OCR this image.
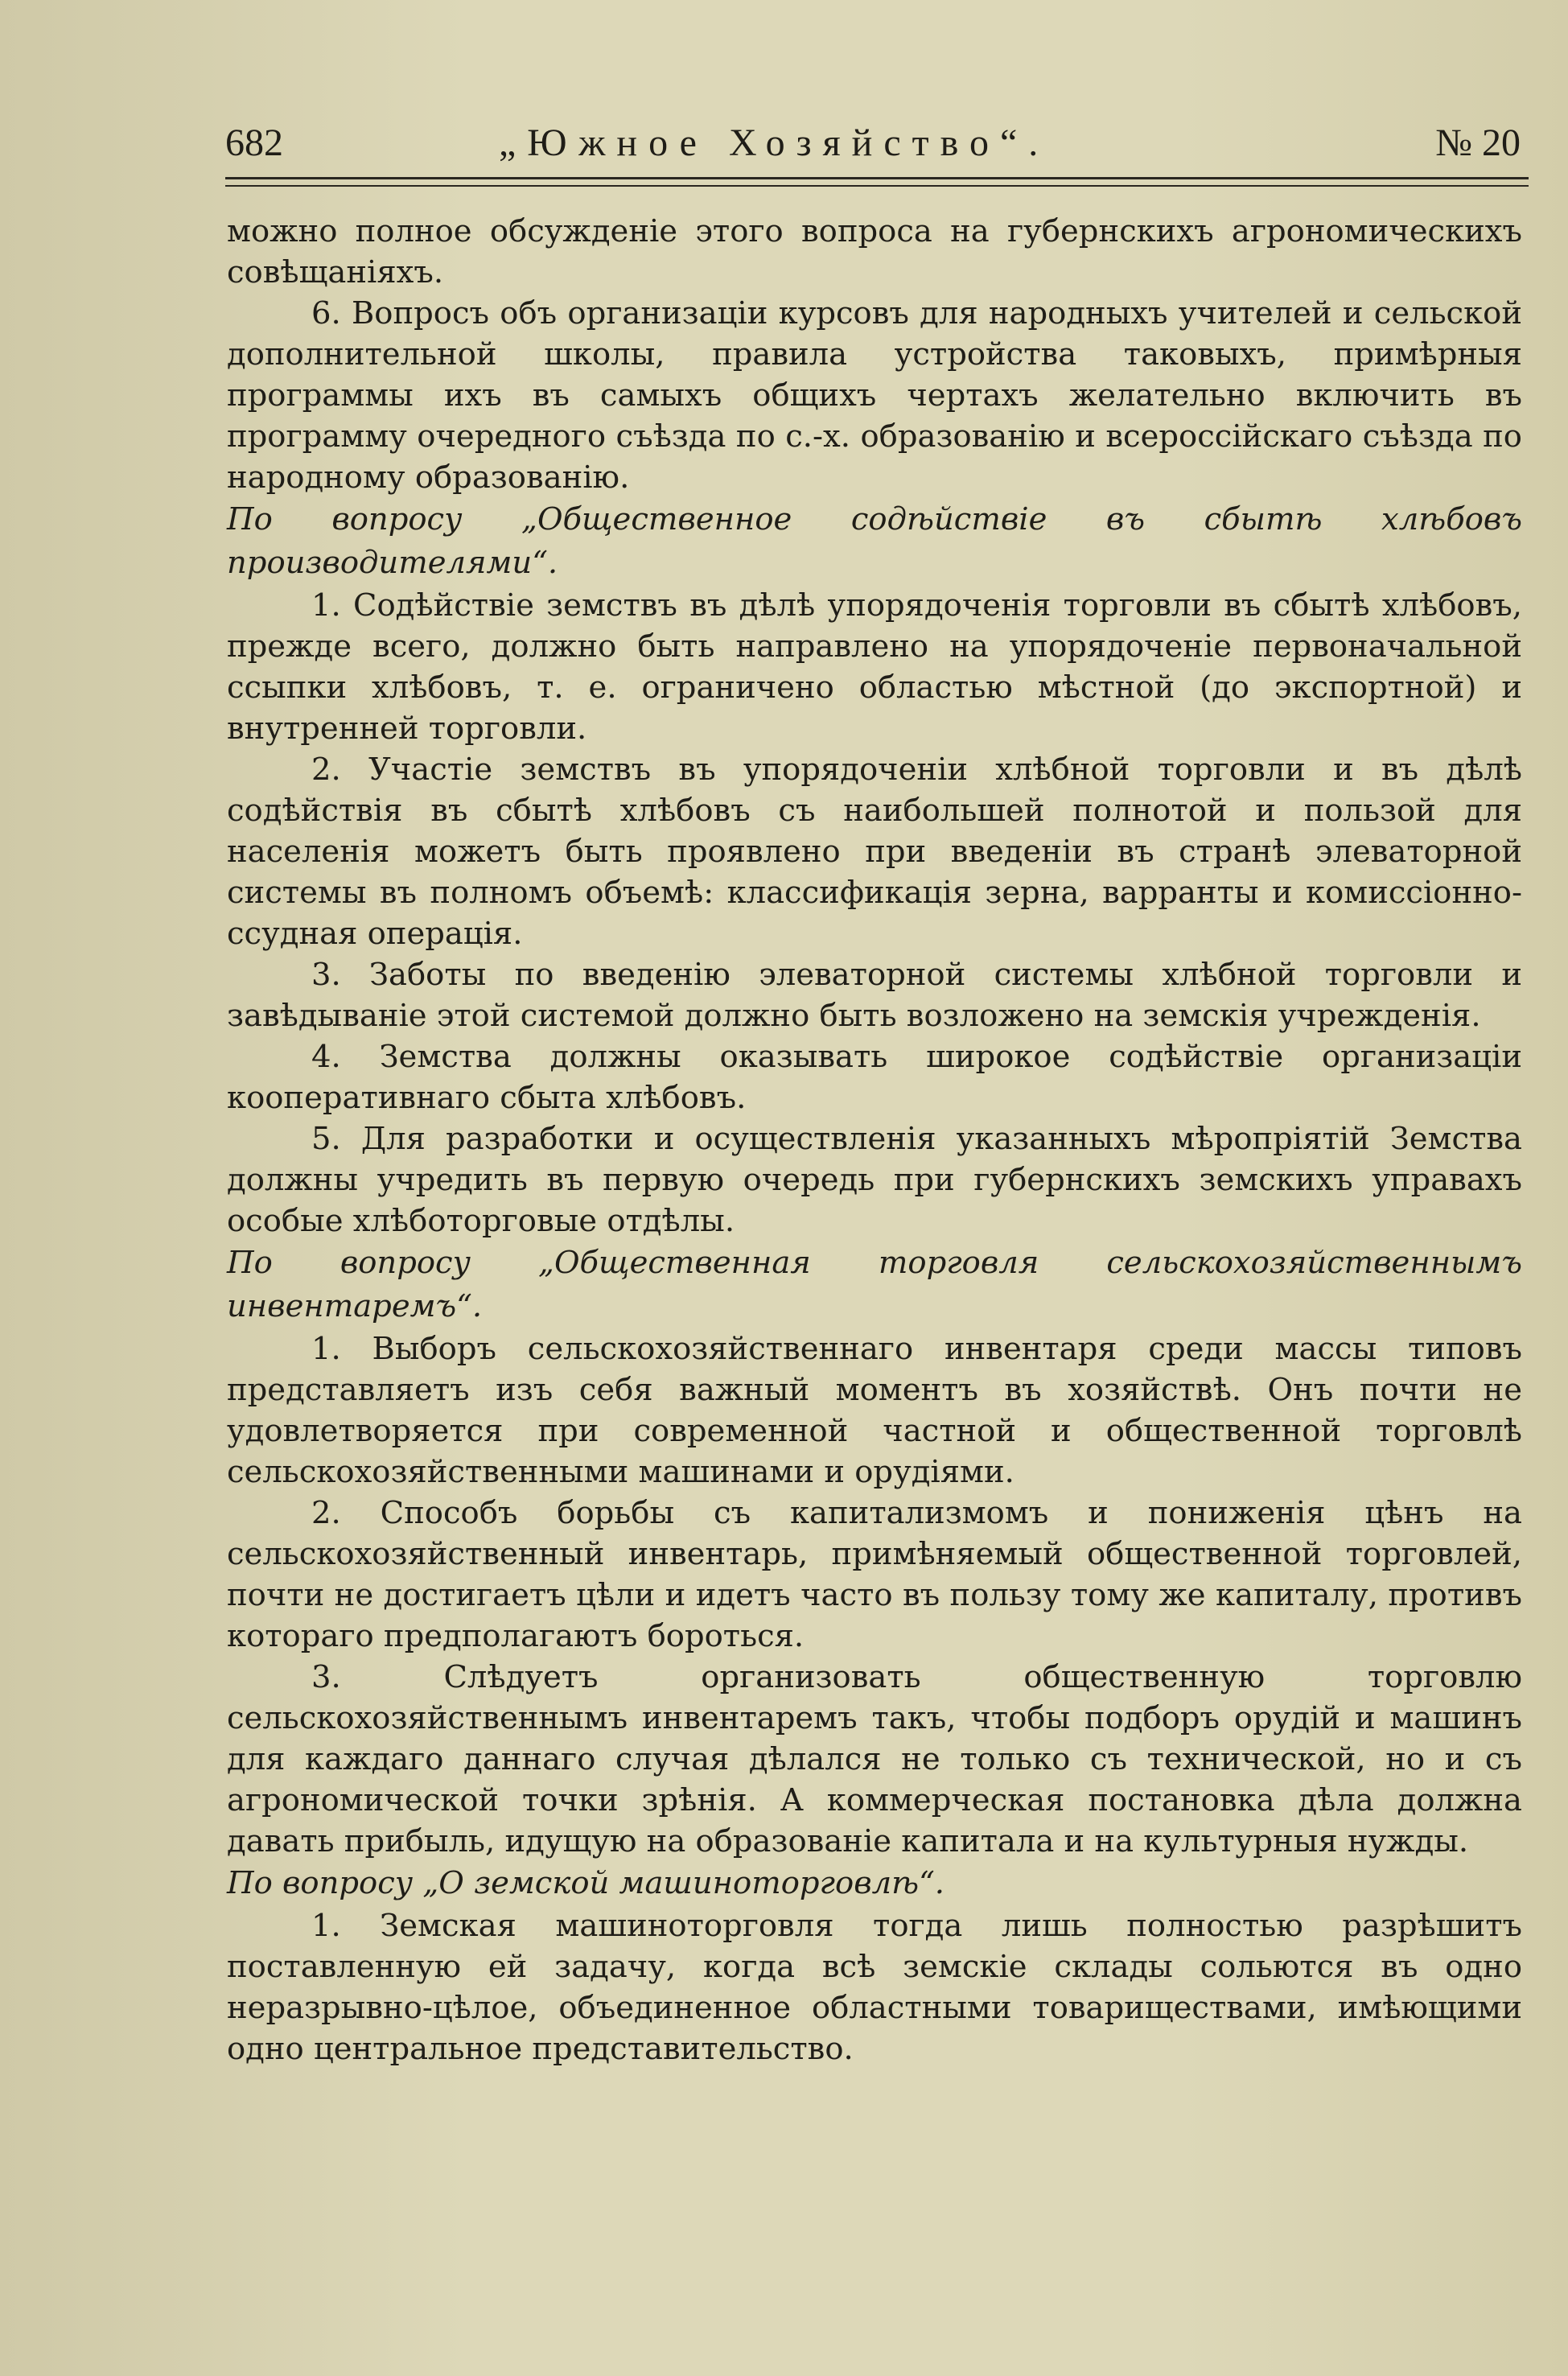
682	„Южное Хозяйство“.	№ 20

можно полное обсужденіе этого вопроса на губернскихъ агрономическихъ совѣщаніяхъ.

6. Вопросъ объ организаціи курсовъ для народныхъ учителей и сельской дополнительной школы, правила устройства таковыхъ, примѣрныя программы ихъ въ самыхъ общихъ чертахъ желательно включить въ программу очередного съѣзда по с.-х. образованію и всероссійскаго съѣзда по народному образованію.

По вопросу „Общественное содѣйствіе въ сбытѣ хлѣбовъ производителями“.

1. Содѣйствіе земствъ въ дѣлѣ упорядоченія торговли въ сбытѣ хлѣбовъ, прежде всего, должно быть направлено на упорядоченіе первоначальной ссыпки хлѣбовъ, т. е. ограничено областью мѣстной (до экспортной) и внутренней торговли.

2. Участіе земствъ въ упорядоченіи хлѣбной торговли и въ дѣлѣ содѣйствія въ сбытѣ хлѣбовъ съ наибольшей полнотой и пользой для населенія можетъ быть проявлено при введеніи въ странѣ элеваторной системы въ полномъ объемѣ: классификація зерна, варранты и комиссіонно-ссудная операція.

3. Заботы по введенію элеваторной системы хлѣбной торговли и завѣдываніе этой системой должно быть возложено на земскія учрежденія.

4. Земства должны оказывать широкое содѣйствіе организаціи кооперативнаго сбыта хлѣбовъ.

5. Для разработки и осуществленія указанныхъ мѣропріятій Земства должны учредить въ первую очередь при губернскихъ земскихъ управахъ особые хлѣботорговые отдѣлы.

По вопросу „Общественная торговля сельскохозяйственнымъ инвентаремъ“.

1. Выборъ сельскохозяйственнаго инвентаря среди массы типовъ представляетъ изъ себя важный моментъ въ хозяйствѣ. Онъ почти не удовлетворяется при современной частной и общественной торговлѣ сельскохозяйственными машинами и орудіями.

2. Способъ борьбы съ капитализмомъ и пониженія цѣнъ на сельскохозяйственный инвентарь, примѣняемый общественной торговлей, почти не достигаетъ цѣли и идетъ часто въ пользу тому же капиталу, противъ котораго предполагаютъ бороться.

3. Слѣдуетъ организовать общественную торговлю сельскохозяйственнымъ инвентаремъ такъ, чтобы подборъ орудій и машинъ для каждаго даннаго случая дѣлался не только съ технической, но и съ агрономической точки зрѣнія. А коммерческая постановка дѣла должна давать прибыль, идущую на образованіе капитала и на культурныя нужды.

По вопросу „О земской машиноторговлѣ“.

1. Земская машиноторговля тогда лишь полностью разрѣшитъ поставленную ей задачу, когда всѣ земскіе склады сольются въ одно неразрывно-цѣлое, объединенное областными товариществами, имѣющими одно центральное представительство.
